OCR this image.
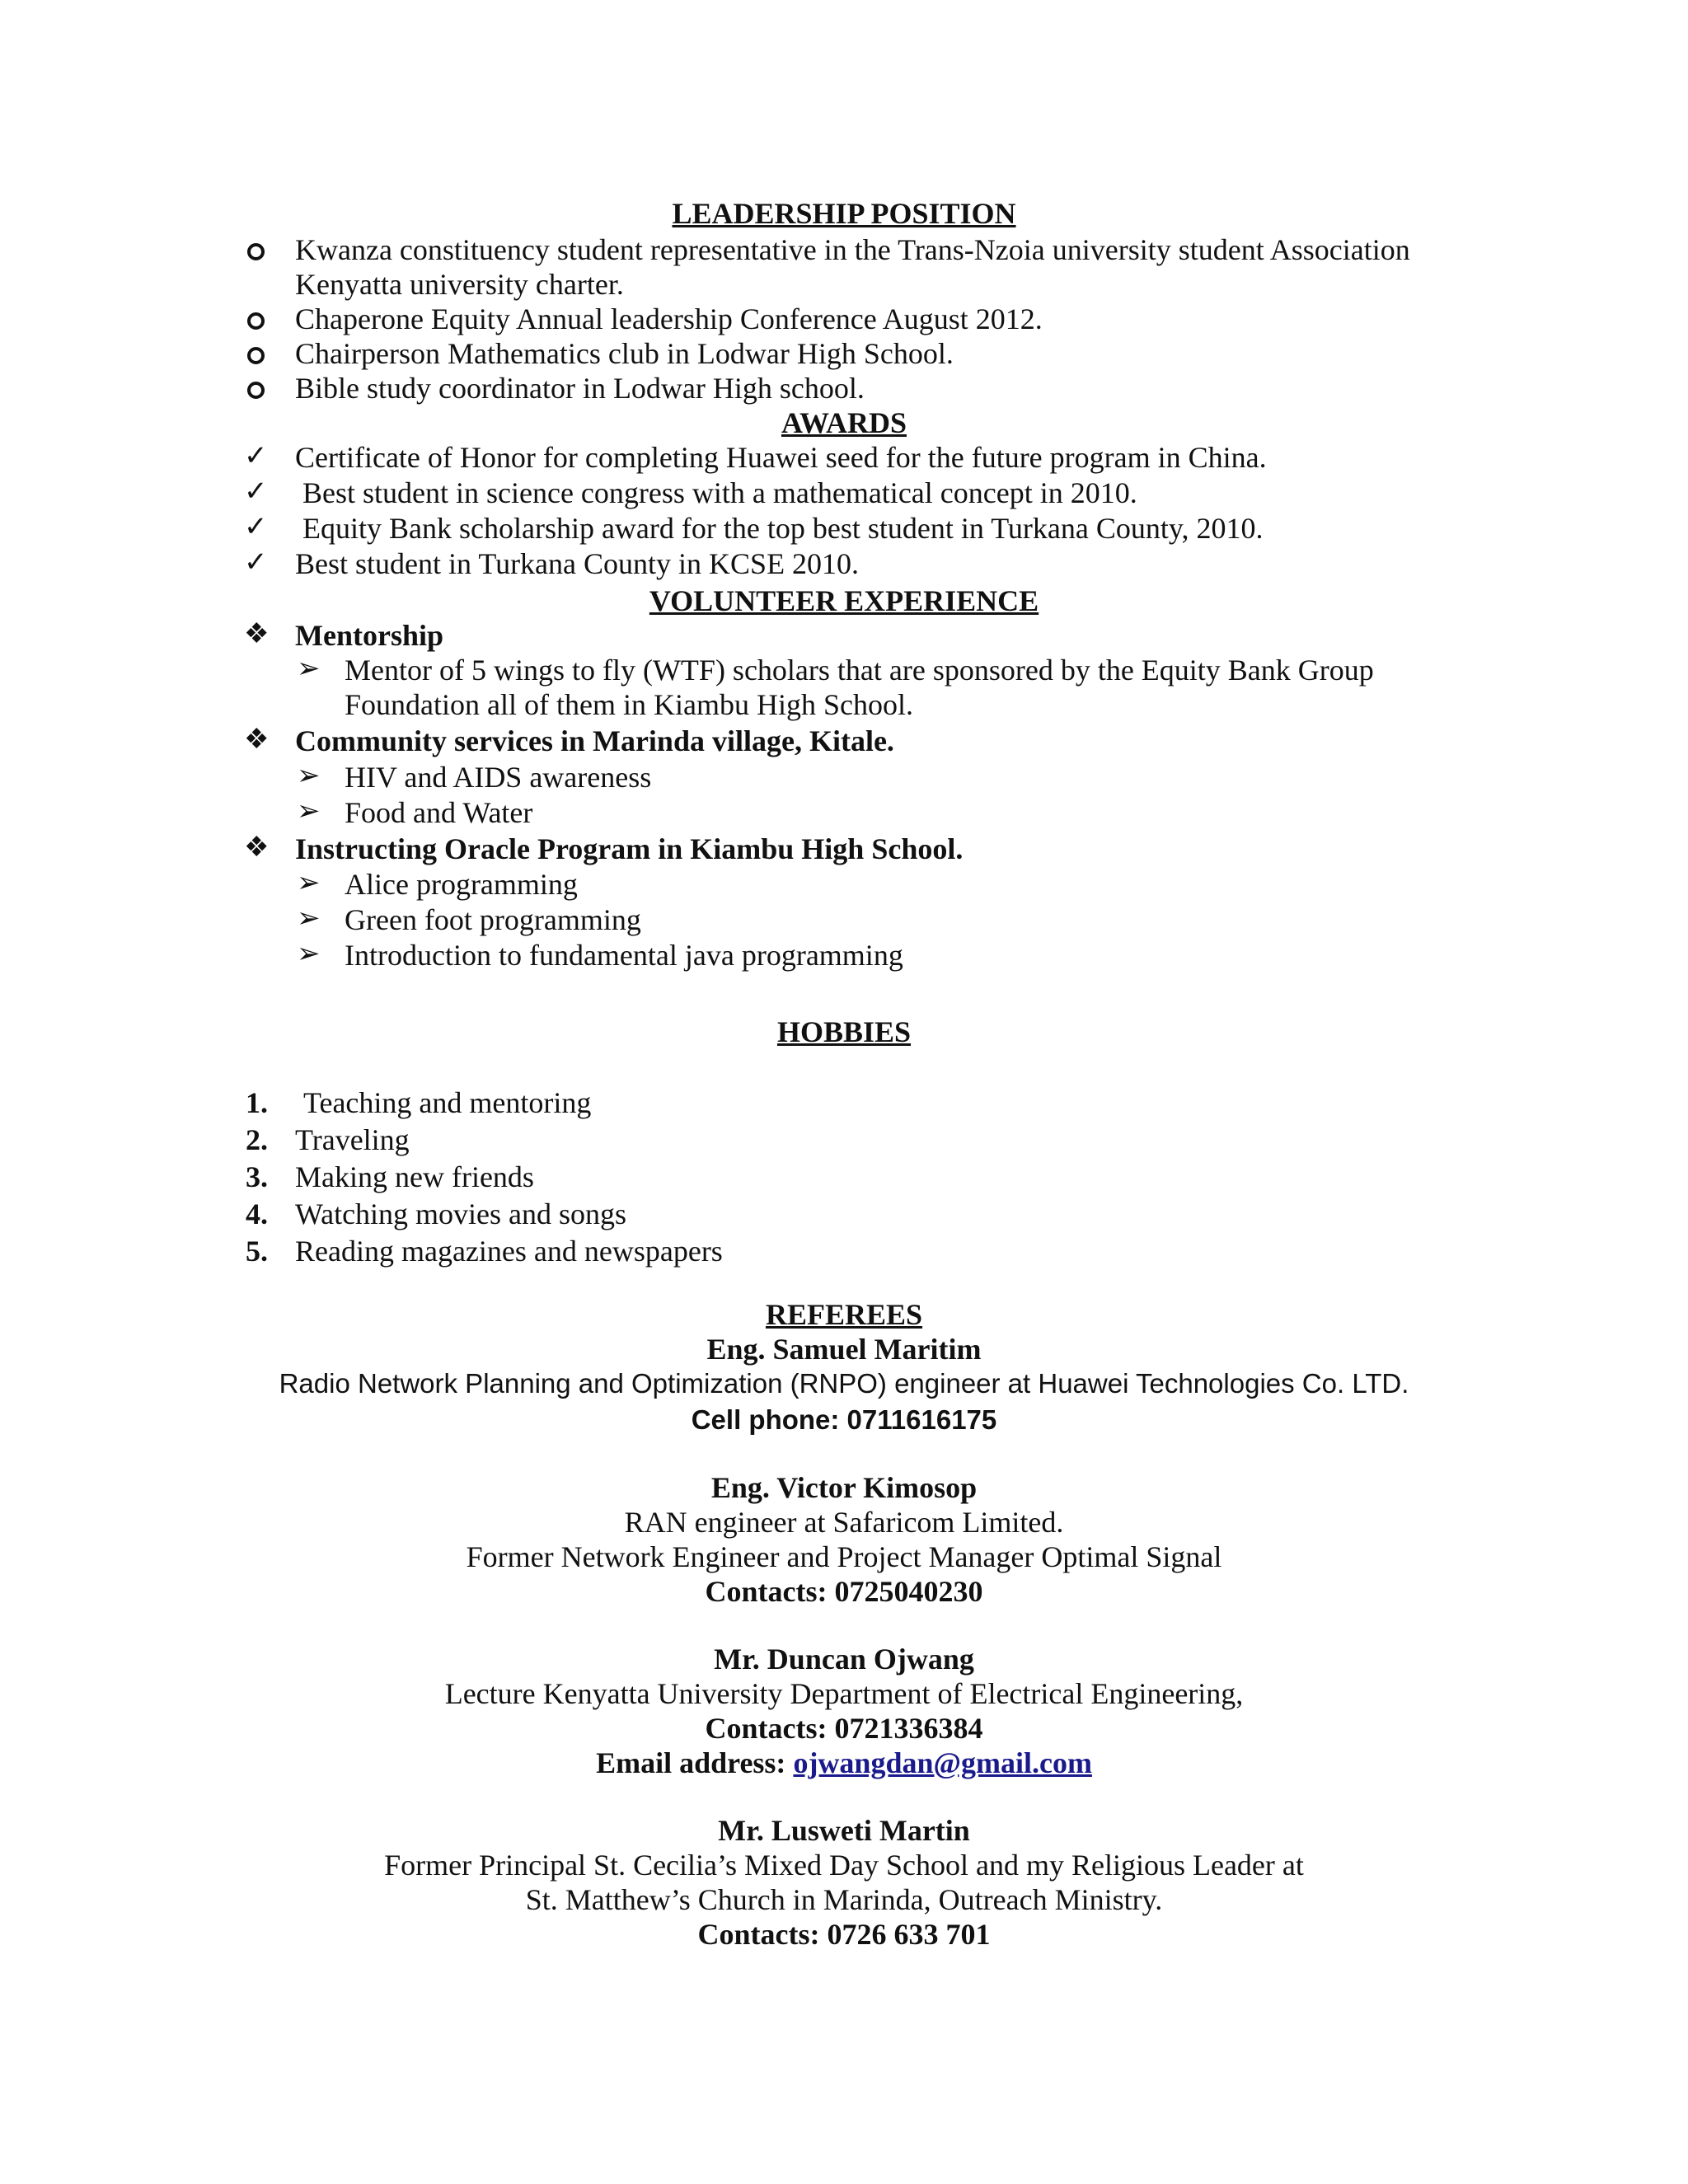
LEADERSHIP POSITION
Kwanza constituency student representative in the Trans-Nzoia university student Association
Kenyatta university charter.
Chaperone Equity Annual leadership Conference August 2012.
Chairperson Mathematics club in Lodwar High School.
Bible study coordinator in Lodwar High school.
AWARDS
✓ Certificate of Honor for completing Huawei seed for the future program in China.
✓ Best student in science congress with a mathematical concept in 2010.
✓ Equity Bank scholarship award for the top best student in Turkana County, 2010.
✓ Best student in Turkana County in KCSE 2010.
VOLUNTEER EXPERIENCE
❖ Mentorship
➢ Mentor of 5 wings to fly (WTF) scholars that are sponsored by the Equity Bank Group
Foundation all of them in Kiambu High School.
❖ Community services in Marinda village, Kitale.
➢ HIV and AIDS awareness
➢ Food and Water
❖ Instructing Oracle Program in Kiambu High School.
➢ Alice programming
➢ Green foot programming
➢ Introduction to fundamental java programming
HOBBIES
1. Teaching and mentoring
2. Traveling
3. Making new friends
4. Watching movies and songs
5. Reading magazines and newspapers
REFEREES
Eng. Samuel Maritim
Radio Network Planning and Optimization (RNPO) engineer at Huawei Technologies Co. LTD.
Cell phone: 0711616175
Eng. Victor Kimosop
RAN engineer at Safaricom Limited.
Former Network Engineer and Project Manager Optimal Signal
Contacts: 0725040230
Mr. Duncan Ojwang
Lecture Kenyatta University Department of Electrical Engineering,
Contacts: 0721336384
Email address: ojwangdan@gmail.com
Mr. Lusweti Martin
Former Principal St. Cecilia’s Mixed Day School and my Religious Leader at
St. Matthew’s Church in Marinda, Outreach Ministry.
Contacts: 0726 633 701
